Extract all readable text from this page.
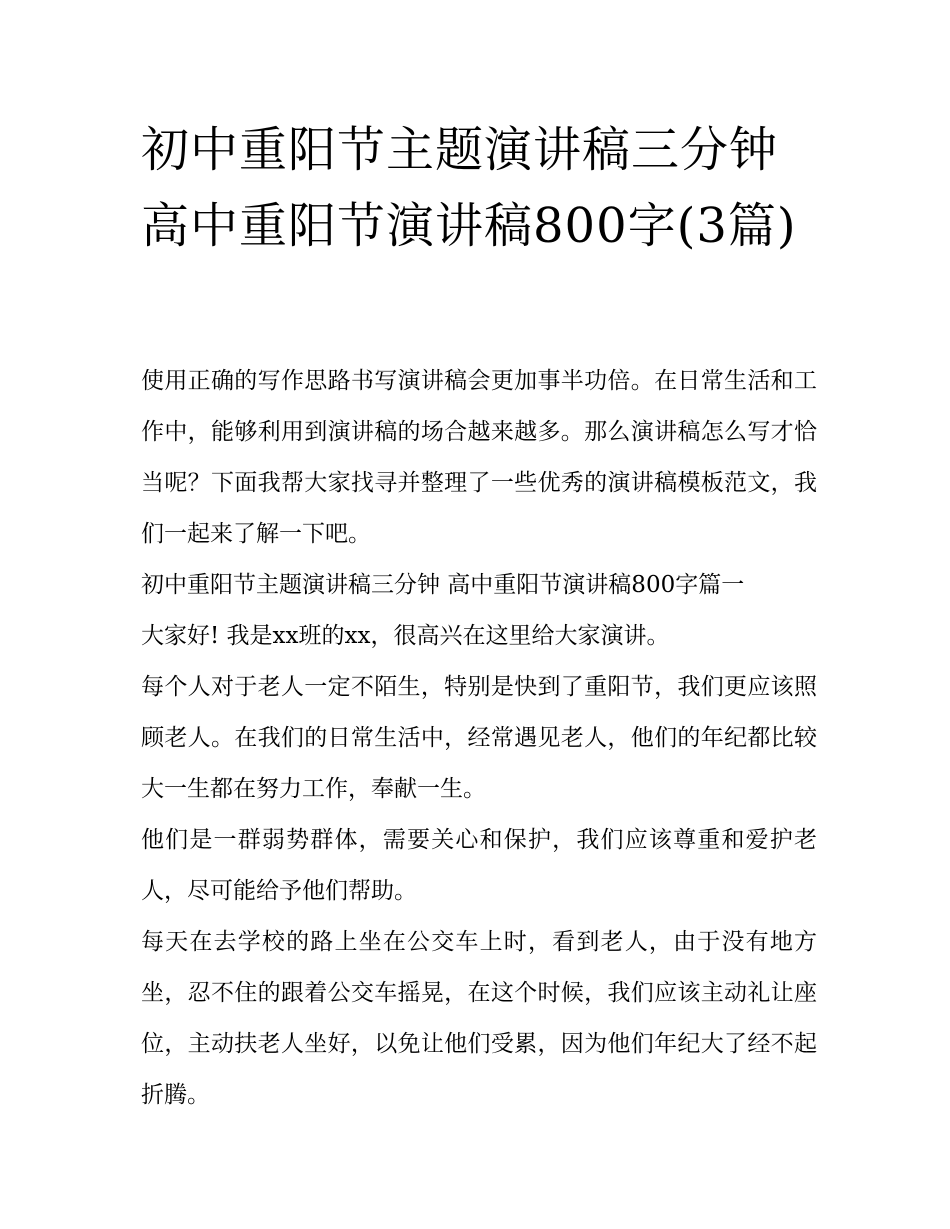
初中重阳节主题演讲稿三分钟 高中重阳节演讲稿800字(3篇)

使用正确的写作思路书写演讲稿会更加事半功倍。在日常生活和工作中，能够利用到演讲稿的场合越来越多。那么演讲稿怎么写才恰当呢？下面我帮大家找寻并整理了一些优秀的演讲稿模板范文，我们一起来了解一下吧。

初中重阳节主题演讲稿三分钟 高中重阳节演讲稿800字篇一

大家好! 我是xx班的xx，很高兴在这里给大家演讲。

每个人对于老人一定不陌生，特别是快到了重阳节，我们更应该照顾老人。在我们的日常生活中，经常遇见老人，他们的年纪都比较大一生都在努力工作，奉献一生。

他们是一群弱势群体，需要关心和保护，我们应该尊重和爱护老人，尽可能给予他们帮助。

每天在去学校的路上坐在公交车上时，看到老人，由于没有地方坐，忍不住的跟着公交车摇晃，在这个时候，我们应该主动礼让座位，主动扶老人坐好，以免让他们受累，因为他们年纪大了经不起折腾。
